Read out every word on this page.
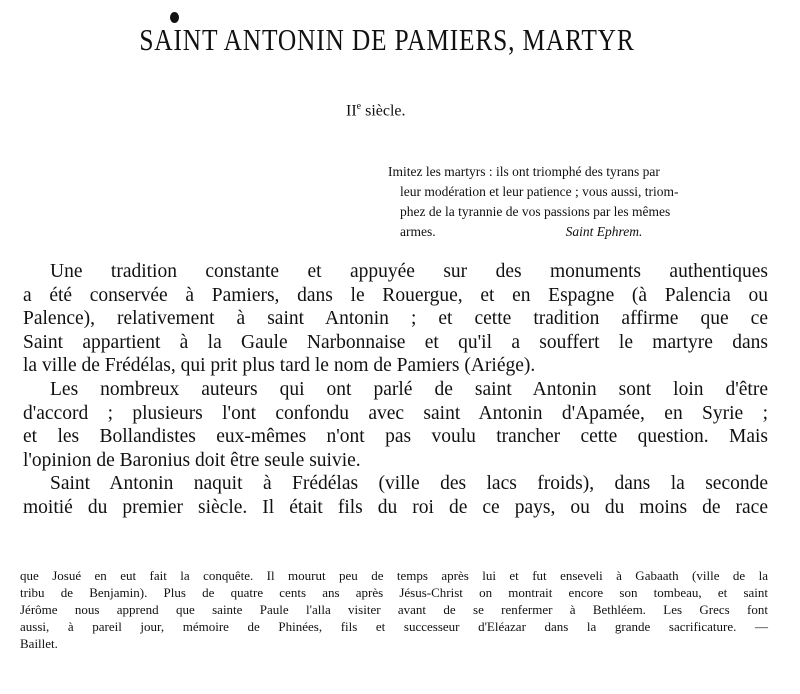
SAINT ANTONIN DE PAMIERS, MARTYR
IIe siècle.
Imitez les martyrs : ils ont triomphé des tyrans par
leur modération et leur patience ; vous aussi, triom-
phez de la tyrannie de vos passions par les mêmes
armes.	Saint Ephrem.
Une tradition constante et appuyée sur des monuments authentiques
a été conservée à Pamiers, dans le Rouergue, et en Espagne (à Palencia ou
Palence), relativement à saint Antonin ; et cette tradition affirme que ce
Saint appartient à la Gaule Narbonnaise et qu'il a souffert le martyre dans
la ville de Frédélas, qui prit plus tard le nom de Pamiers (Ariége).
Les nombreux auteurs qui ont parlé de saint Antonin sont loin d'être
d'accord ; plusieurs l'ont confondu avec saint Antonin d'Apamée, en Syrie ;
et les Bollandistes eux-mêmes n'ont pas voulu trancher cette question. Mais
l'opinion de Baronius doit être seule suivie.
Saint Antonin naquit à Frédélas (ville des lacs froids), dans la seconde
moitié du premier siècle. Il était fils du roi de ce pays, ou du moins de race
que Josué en eut fait la conquête. Il mourut peu de temps après lui et fut enseveli à Gabaath (ville de la
tribu de Benjamin). Plus de quatre cents ans après Jésus-Christ on montrait encore son tombeau, et saint
Jérôme nous apprend que sainte Paule l'alla visiter avant de se renfermer à Bethléem. Les Grecs font
aussi, à pareil jour, mémoire de Phinées, fils et successeur d'Eléazar dans la grande sacrificature. —
Baillet.
